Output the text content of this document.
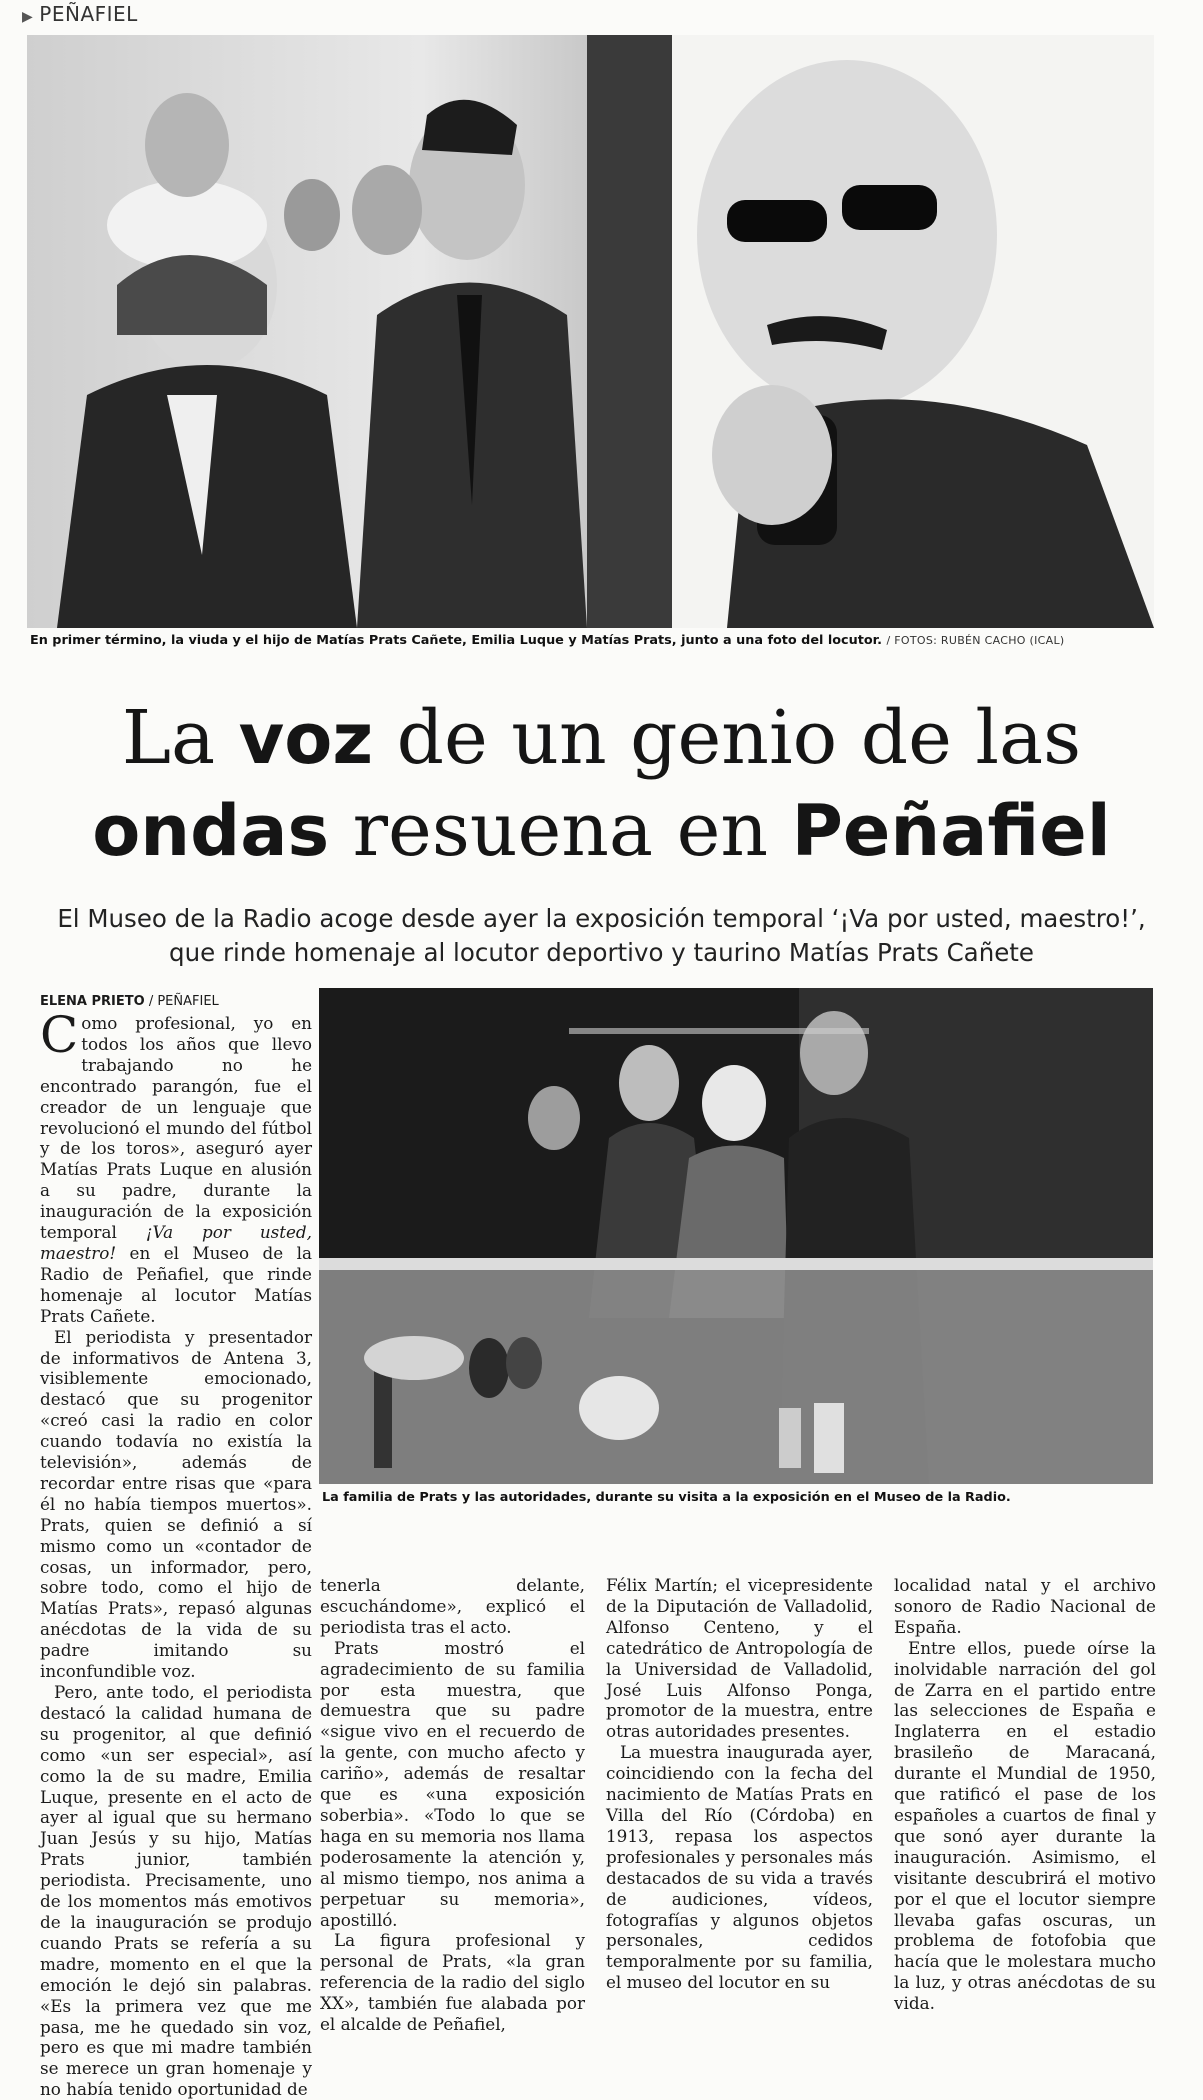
▶ PEÑAFIEL
En primer término, la viuda y el hijo de Matías Prats Cañete, Emilia Luque y Matías Prats, junto a una foto del locutor. / FOTOS: RUBÉN CACHO (ICAL)
La voz de un genio de las
ondas resuena en Peñafiel
El Museo de la Radio acoge desde ayer la exposición temporal ‘¡Va por usted, maestro!’,
que rinde homenaje al locutor deportivo y taurino Matías Prats Cañete
ELENA PRIETO / PEÑAFIEL

Como profesional, yo en todos los años que llevo trabajando no he encontrado parangón, fue el creador de un lenguaje que revolucionó el mundo del fútbol y de los toros», aseguró ayer Matías Prats Luque en alusión a su padre, durante la inauguración de la exposición temporal ¡Va por usted, maestro! en el Museo de la Radio de Peñafiel, que rinde homenaje al locutor Matías Prats Cañete.

El periodista y presentador de informativos de Antena 3, visiblemente emocionado, destacó que su progenitor «creó casi la radio en color cuando todavía no existía la televisión», además de recordar entre risas que «para él no había tiempos muertos». Prats, quien se definió a sí mismo como un «contador de cosas, un informador, pero, sobre todo, como el hijo de Matías Prats», repasó algunas anécdotas de la vida de su padre imitando su inconfundible voz.

Pero, ante todo, el periodista destacó la calidad humana de su progenitor, al que definió como «un ser especial», así como la de su madre, Emilia Luque, presente en el acto de ayer al igual que su hermano Juan Jesús y su hijo, Matías Prats junior, también periodista. Precisamente, uno de los momentos más emotivos de la inauguración se produjo cuando Prats se refería a su madre, momento en el que la emoción le dejó sin palabras. «Es la primera vez que me pasa, me he quedado sin voz, pero es que mi madre también se merece un gran homenaje y no había tenido oportunidad de

La familia de Prats y las autoridades, durante su visita a la exposición en el Museo de la Radio.

tenerla delante, escuchándome», explicó el periodista tras el acto.

Prats mostró el agradecimiento de su familia por esta muestra, que demuestra que su padre «sigue vivo en el recuerdo de la gente, con mucho afecto y cariño», además de resaltar que es «una exposición soberbia». «Todo lo que se haga en su memoria nos llama poderosamente la atención y, al mismo tiempo, nos anima a perpetuar su memoria», apostilló.

La figura profesional y personal de Prats, «la gran referencia de la radio del siglo XX», también fue alabada por el alcalde de Peñafiel,

Félix Martín; el vicepresidente de la Diputación de Valladolid, Alfonso Centeno, y el catedrático de Antropología de la Universidad de Valladolid, José Luis Alfonso Ponga, promotor de la muestra, entre otras autoridades presentes.

La muestra inaugurada ayer, coincidiendo con la fecha del nacimiento de Matías Prats en Villa del Río (Córdoba) en 1913, repasa los aspectos profesionales y personales más destacados de su vida a través de audiciones, vídeos, fotografías y algunos objetos personales, cedidos temporalmente por su familia, el museo del locutor en su

localidad natal y el archivo sonoro de Radio Nacional de España.

Entre ellos, puede oírse la inolvidable narración del gol de Zarra en el partido entre las selecciones de España e Inglaterra en el estadio brasileño de Maracaná, durante el Mundial de 1950, que ratificó el pase de los españoles a cuartos de final y que sonó ayer durante la inauguración. Asimismo, el visitante descubrirá el motivo por el que el locutor siempre llevaba gafas oscuras, un problema de fotofobia que hacía que le molestara mucho la luz, y otras anécdotas de su vida.
